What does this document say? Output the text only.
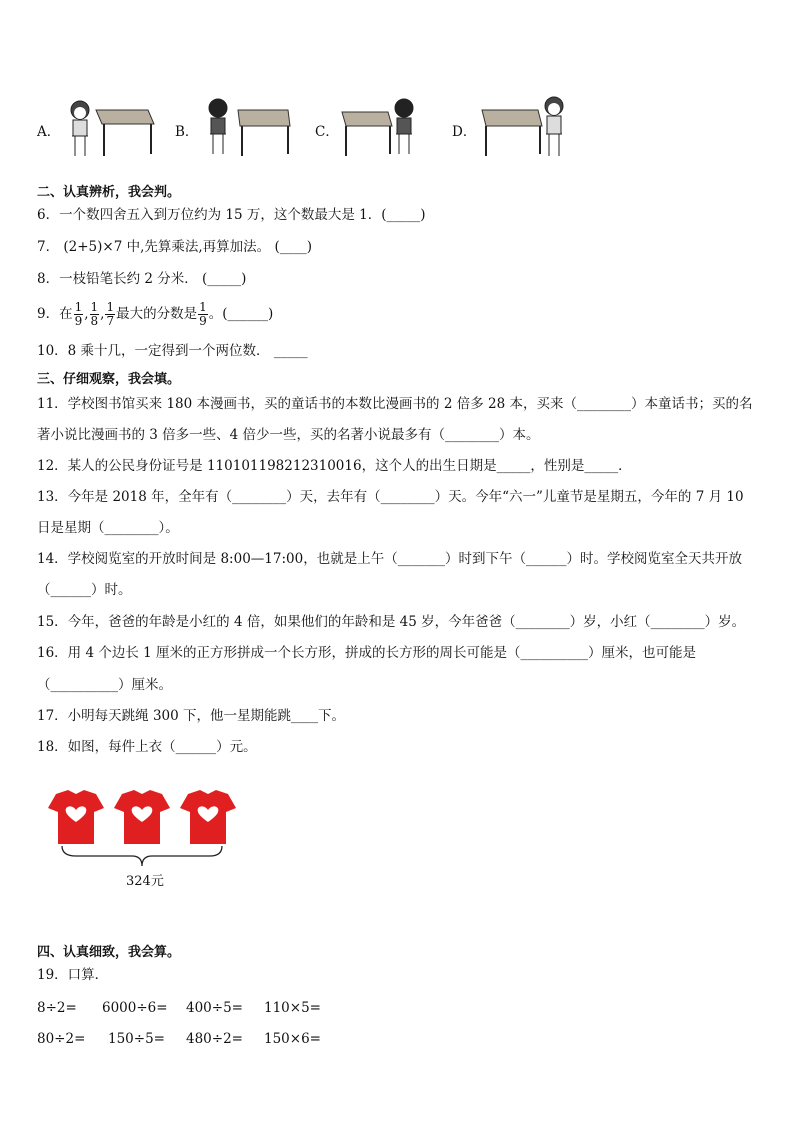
A．	B．	C．	D．
二、认真辨析，我会判。
6．一个数四舍五入到万位约为 15 万，这个数最大是 1．(_____)
7． (2+5)×7 中,先算乘法,再算加法。 (____)
8．一枝铅笔长约 2 分米． (_____)
9．在 $\frac{1}{9}$ , $\frac{1}{8}$ , $\frac{1}{7}$ 最大的分数是 $\frac{1}{9}$ 。(______)
10．8 乘十几，一定得到一个两位数． _____
三、仔细观察，我会填。
11．学校图书馆买来 180 本漫画书，买的童话书的本数比漫画书的 2 倍多 28 本，买来（________）本童话书；买的名
著小说比漫画书的 3 倍多一些、4 倍少一些，买的名著小说最多有（________）本。
12．某人的公民身份证号是 110101198212310016，这个人的出生日期是_____，性别是_____．
13．今年是 2018 年，全年有（________）天，去年有（________）天。今年“六一”儿童节是星期五，今年的 7 月 10
日是星期（________）。
14．学校阅览室的开放时间是 8:00—17:00，也就是上午（_______）时到下午（______）时。学校阅览室全天共开放
（______）时。
15．今年，爸爸的年龄是小红的 4 倍，如果他们的年龄和是 45 岁，今年爸爸（________）岁，小红（________）岁。
16．用 4 个边长 1 厘米的正方形拼成一个长方形，拼成的长方形的周长可能是（__________）厘米，也可能是
（__________）厘米。
17．小明每天跳绳 300 下，他一星期能跳____下。
18．如图，每件上衣（______）元。
324元
四、认真细致，我会算。
19．口算．
8÷2= 6000÷6= 400÷5= 110×5=
80÷2= 150÷5= 480÷2= 150×6=
